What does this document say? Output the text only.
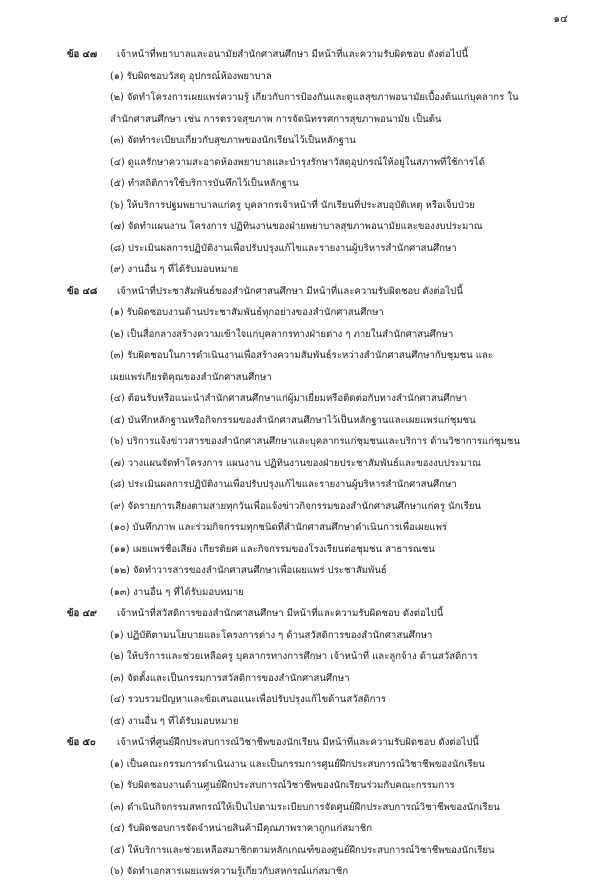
๑๔
ข้อ ๔๗ เจ้าหน้าที่พยาบาลและอนามัยสำนักศาสนศึกษา มีหน้าที่และความรับผิดชอบ ดังต่อไปนี้
(๑) รับผิดชอบวัสดุ อุปกรณ์ห้องพยาบาล
(๒) จัดทำโครงการเผยแพร่ความรู้ เกี่ยวกับการป้องกันและดูแลสุขภาพอนามัยเบื้องต้นแก่บุคลากร ใน
สำนักศาสนศึกษา เช่น การตรวจสุขภาพ การจัดนิทรรศการสุขภาพอนามัย เป็นต้น
(๓) จัดทำระเบียบเกี่ยวกับสุขภาพของนักเรียนไว้เป็นหลักฐาน
(๔) ดูแลรักษาความสะอาดห้องพยาบาลและบำรุงรักษาวัสดุอุปกรณ์ให้อยู่ในสภาพที่ใช้การได้
(๕) ทำสถิติการใช้บริการบันทึกไว้เป็นหลักฐาน
(๖) ให้บริการปฐมพยาบาลแก่ครู บุคลากรเจ้าหน้าที่ นักเรียนที่ประสบอุบัติเหตุ หรือเจ็บป่วย
(๗) จัดทำแผนงาน โครงการ ปฏิทินงานของฝ่ายพยาบาลสุขภาพอนามัยและของงบประมาณ
(๘) ประเมินผลการปฏิบัติงานเพื่อปรับปรุงแก้ไขและรายงานผู้บริหารสำนักศาสนศึกษา
(๙) งานอื่น ๆ ที่ได้รับมอบหมาย
ข้อ ๔๘ เจ้าหน้าที่ประชาสัมพันธ์ของสำนักศาสนศึกษา มีหน้าที่และความรับผิดชอบ ดังต่อไปนี้
(๑) รับผิดชอบงานด้านประชาสัมพันธ์ทุกอย่างของสำนักศาสนศึกษา
(๒) เป็นสื่อกลางสร้างความเข้าใจแก่บุคลากรทางฝ่ายต่าง ๆ ภายในสำนักศาสนศึกษา
(๓) รับผิดชอบในการดำเนินงานเพื่อสร้างความสัมพันธ์ระหว่างสำนักศาสนศึกษากับชุมชน และ
เผยแพร่เกียรติคุณของสำนักศาสนศึกษา
(๔) ต้อนรับหรือแนะนำสำนักศาสนศึกษาแก่ผู้มาเยี่ยมหรือติดต่อกับทางสำนักศาสนศึกษา
(๕) บันทึกหลักฐานหรือกิจกรรมของสำนักศาสนศึกษาไว้เป็นหลักฐานและเผยแพร่แก่ชุมชน
(๖) บริการแจ้งข่าวสารของสำนักศาสนศึกษาและบุคลากรแก่ชุมชนและบริการ ด้านวิชาการแก่ชุมชน
(๗) วางแผนจัดทำโครงการ แผนงาน ปฏิทินงานของฝ่ายประชาสัมพันธ์และของงบประมาณ
(๘) ประเมินผลการปฏิบัติงานเพื่อปรับปรุงแก้ไขและรายงานผู้บริหารสำนักศาสนศึกษา
(๙) จัดรายการเสียงตามสายทุกวันเพื่อแจ้งข่าวกิจกรรมของสำนักศาสนศึกษาแก่ครู นักเรียน
(๑๐) บันทึกภาพ และร่วมกิจกรรมทุกชนิดที่สำนักศาสนศึกษาดำเนินการเพื่อเผยแพร่
(๑๑) เผยแพร่ชื่อเสียง เกียรติยศ และกิจกรรมของโรงเรียนต่อชุมชน สาธารณชน
(๑๒) จัดทำวารสารของสำนักศาสนศึกษาเพื่อเผยแพร่ ประชาสัมพันธ์
(๑๓) งานอื่น ๆ ที่ได้รับมอบหมาย
ข้อ ๔๙ เจ้าหน้าที่สวัสดิการของสำนักศาสนศึกษา มีหน้าที่และความรับผิดชอบ ดังต่อไปนี้
(๑) ปฏิบัติตามนโยบายและโครงการต่าง ๆ ด้านสวัสดิการของสำนักศาสนศึกษา
(๒) ให้บริการและช่วยเหลือครู บุคลากรทางการศึกษา เจ้าหน้าที่ และลูกจ้าง ด้านสวัสดิการ
(๓) จัดตั้งและเป็นกรรมการสวัสดิการของสำนักศาสนศึกษา
(๔) รวบรวมปัญหาและข้อเสนอแนะเพื่อปรับปรุงแก้ไขด้านสวัสดิการ
(๕) งานอื่น ๆ ที่ได้รับมอบหมาย
ข้อ ๕๐ เจ้าหน้าที่ศูนย์ฝึกประสบการณ์วิชาชีพของนักเรียน มีหน้าที่และความรับผิดชอบ ดังต่อไปนี้
(๑) เป็นคณะกรรมการดำเนินงาน และเป็นกรรมการศูนย์ฝึกประสบการณ์วิชาชีพของนักเรียน
(๒) รับผิดชอบงานด้านศูนย์ฝึกประสบการณ์วิชาชีพของนักเรียนร่วมกับคณะกรรมการ
(๓) ดำเนินกิจกรรมสหกรณ์ให้เป็นไปตามระเบียบการจัดศูนย์ฝึกประสบการณ์วิชาชีพของนักเรียน
(๔) รับผิดชอบการจัดจำหน่ายสินค้ามีคุณภาพราคาถูกแก่สมาชิก
(๕) ให้บริการและช่วยเหลือสมาชิกตามหลักเกณฑ์ของศูนย์ฝึกประสบการณ์วิชาชีพของนักเรียน
(๖) จัดทำเอกสารเผยแพร่ความรู้เกี่ยวกับสหกรณ์แก่สมาชิก
